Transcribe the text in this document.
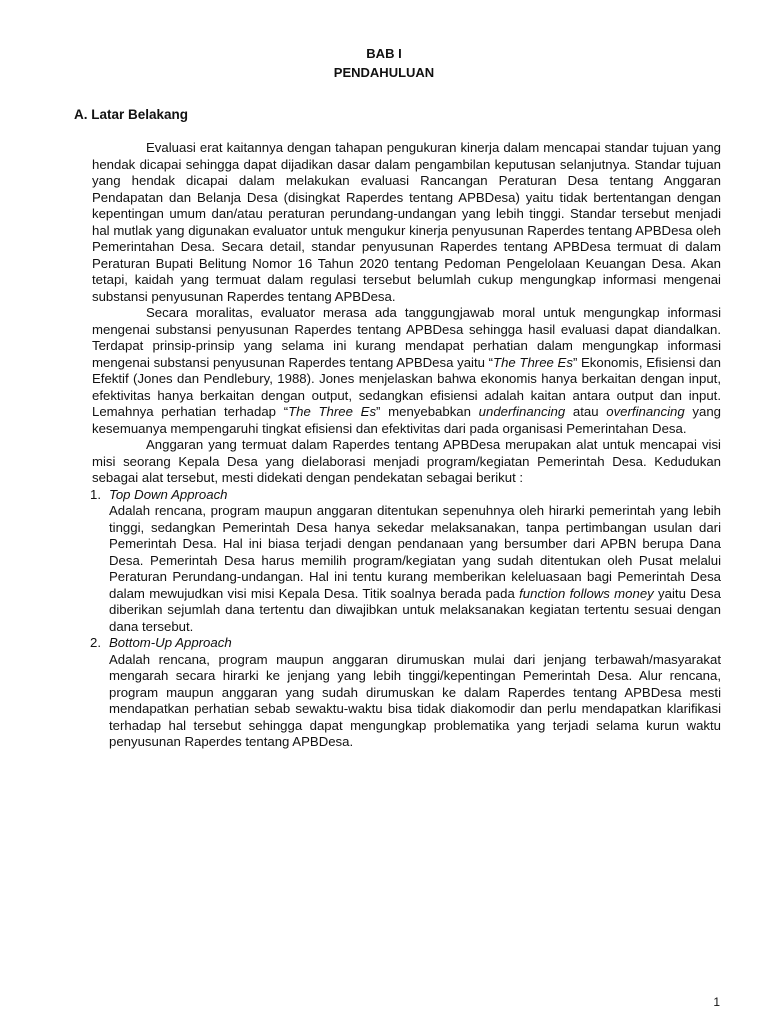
BAB I
PENDAHULUAN
A. Latar Belakang

Evaluasi erat kaitannya dengan tahapan pengukuran kinerja dalam mencapai standar tujuan yang hendak dicapai sehingga dapat dijadikan dasar dalam pengambilan keputusan selanjutnya. Standar tujuan yang hendak dicapai dalam melakukan evaluasi Rancangan Peraturan Desa tentang Anggaran Pendapatan dan Belanja Desa (disingkat Raperdes tentang APBDesa) yaitu tidak bertentangan dengan kepentingan umum dan/atau peraturan perundang-undangan yang lebih tinggi. Standar tersebut menjadi hal mutlak yang digunakan evaluator untuk mengukur kinerja penyusunan Raperdes tentang APBDesa oleh Pemerintahan Desa. Secara detail, standar penyusunan Raperdes tentang APBDesa termuat di dalam Peraturan Bupati Belitung Nomor 16 Tahun 2020 tentang Pedoman Pengelolaan Keuangan Desa. Akan tetapi, kaidah yang termuat dalam regulasi tersebut belumlah cukup mengungkap informasi mengenai substansi penyusunan Raperdes tentang APBDesa.

Secara moralitas, evaluator merasa ada tanggungjawab moral untuk mengungkap informasi mengenai substansi penyusunan Raperdes tentang APBDesa sehingga hasil evaluasi dapat diandalkan. Terdapat prinsip-prinsip yang selama ini kurang mendapat perhatian dalam mengungkap informasi mengenai substansi penyusunan Raperdes tentang APBDesa yaitu “The Three Es” Ekonomis, Efisiensi dan Efektif (Jones dan Pendlebury, 1988). Jones menjelaskan bahwa ekonomis hanya berkaitan dengan input, efektivitas hanya berkaitan dengan output, sedangkan efisiensi adalah kaitan antara output dan input. Lemahnya perhatian terhadap “The Three Es” menyebabkan underfinancing atau overfinancing yang kesemuanya mempengaruhi tingkat efisiensi dan efektivitas dari pada organisasi Pemerintahan Desa.

Anggaran yang termuat dalam Raperdes tentang APBDesa merupakan alat untuk mencapai visi misi seorang Kepala Desa yang dielaborasi menjadi program/kegiatan Pemerintah Desa. Kedudukan sebagai alat tersebut, mesti didekati dengan pendekatan sebagai berikut :

1. Top Down Approach
Adalah rencana, program maupun anggaran ditentukan sepenuhnya oleh hirarki pemerintah yang lebih tinggi, sedangkan Pemerintah Desa hanya sekedar melaksanakan, tanpa pertimbangan usulan dari Pemerintah Desa. Hal ini biasa terjadi dengan pendanaan yang bersumber dari APBN berupa Dana Desa. Pemerintah Desa harus memilih program/kegiatan yang sudah ditentukan oleh Pusat melalui Peraturan Perundang-undangan. Hal ini tentu kurang memberikan keleluasaan bagi Pemerintah Desa dalam mewujudkan visi misi Kepala Desa. Titik soalnya berada pada function follows money yaitu Desa diberikan sejumlah dana tertentu dan diwajibkan untuk melaksanakan kegiatan tertentu sesuai dengan dana tersebut.
2. Bottom-Up Approach
Adalah rencana, program maupun anggaran dirumuskan mulai dari jenjang terbawah/masyarakat mengarah secara hirarki ke jenjang yang lebih tinggi/kepentingan Pemerintah Desa. Alur rencana, program maupun anggaran yang sudah dirumuskan ke dalam Raperdes tentang APBDesa mesti mendapatkan perhatian sebab sewaktu-waktu bisa tidak diakomodir dan perlu mendapatkan klarifikasi terhadap hal tersebut sehingga dapat mengungkap problematika yang terjadi selama kurun waktu penyusunan Raperdes tentang APBDesa.
1
